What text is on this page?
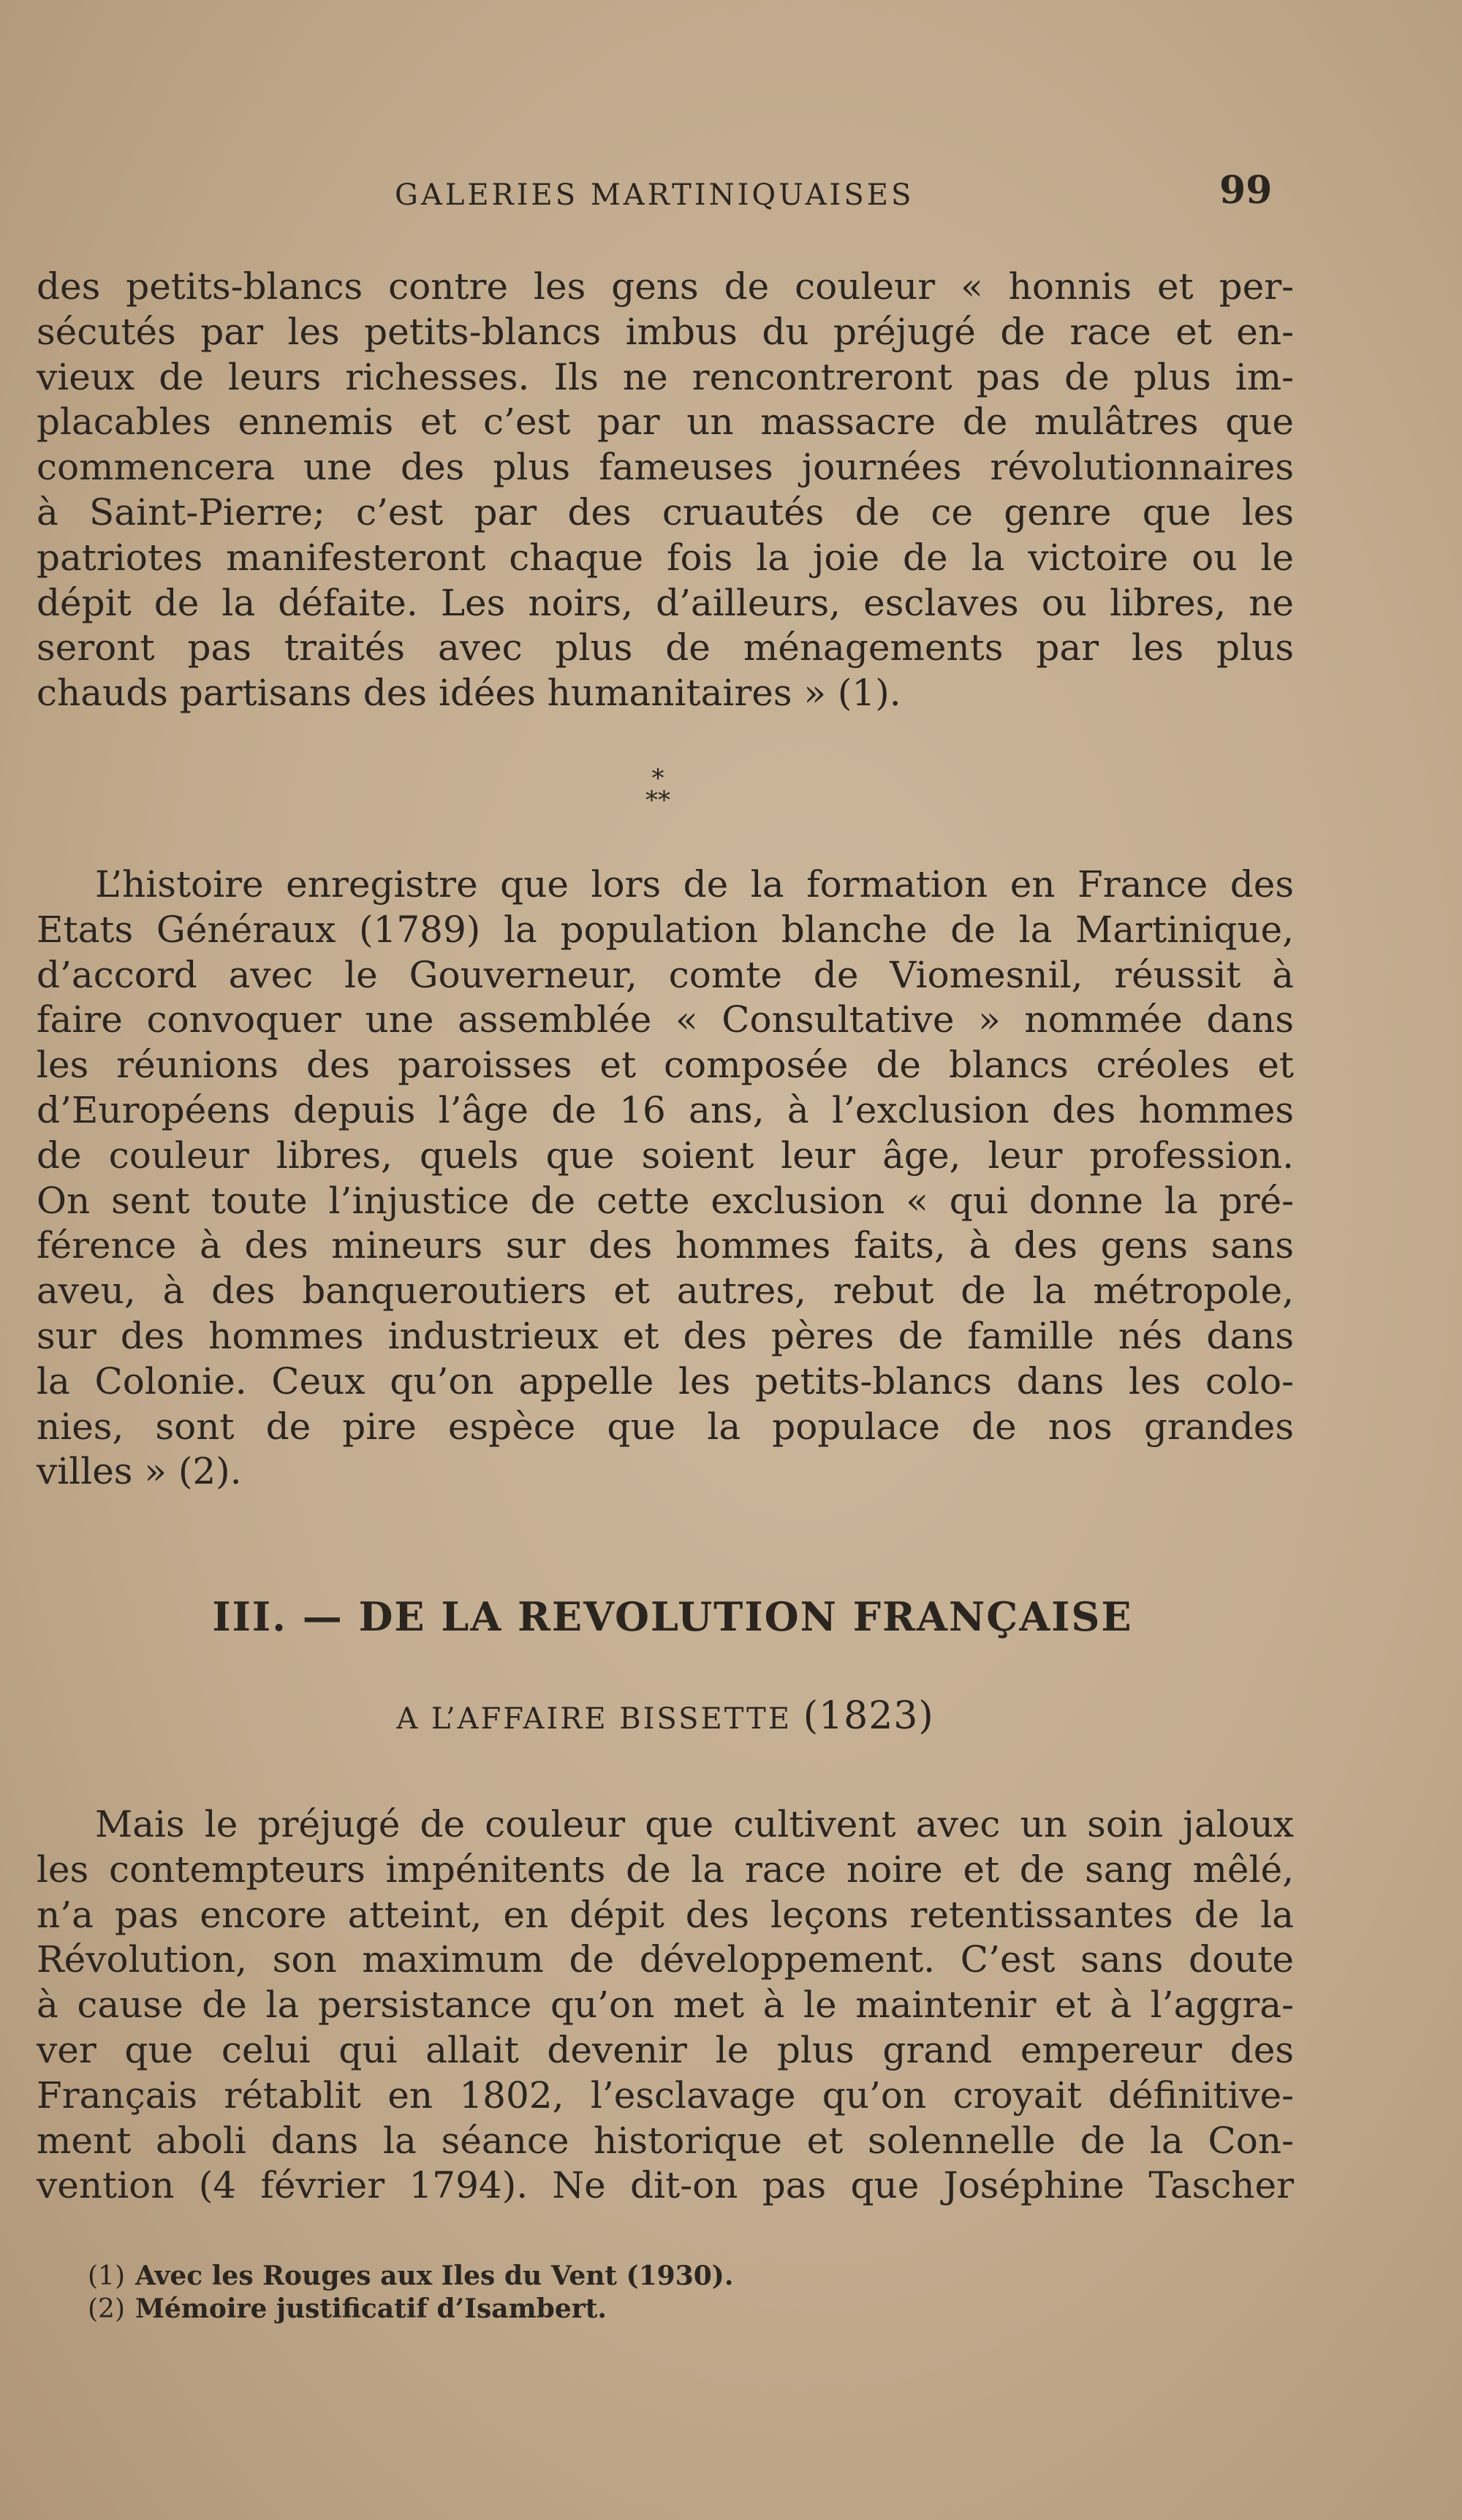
GALERIES MARTINIQUAISES	99
des petits-blancs contre les gens de couleur « honnis et per-
sécutés par les petits-blancs imbus du préjugé de race et en-
vieux de leurs richesses. Ils ne rencontreront pas de plus im-
placables ennemis et c’est par un massacre de mulâtres que
commencera une des plus fameuses journées révolutionnaires
à Saint-Pierre; c’est par des cruautés de ce genre que les
patriotes manifesteront chaque fois la joie de la victoire ou le
dépit de la défaite. Les noirs, d’ailleurs, esclaves ou libres, ne
seront pas traités avec plus de ménagements par les plus
chauds partisans des idées humanitaires » (1).
*
**
L’histoire enregistre que lors de la formation en France des
Etats Généraux (1789) la population blanche de la Martinique,
d’accord avec le Gouverneur, comte de Viomesnil, réussit à
faire convoquer une assemblée « Consultative » nommée dans
les réunions des paroisses et composée de blancs créoles et
d’Européens depuis l’âge de 16 ans, à l’exclusion des hommes
de couleur libres, quels que soient leur âge, leur profession.
On sent toute l’injustice de cette exclusion « qui donne la pré-
férence à des mineurs sur des hommes faits, à des gens sans
aveu, à des banqueroutiers et autres, rebut de la métropole,
sur des hommes industrieux et des pères de famille nés dans
la Colonie. Ceux qu’on appelle les petits-blancs dans les colo-
nies, sont de pire espèce que la populace de nos grandes
villes » (2).
III. — DE LA REVOLUTION FRANÇAISE
A L’AFFAIRE BISSETTE (1823)
Mais le préjugé de couleur que cultivent avec un soin jaloux
les contempteurs impénitents de la race noire et de sang mêlé,
n’a pas encore atteint, en dépit des leçons retentissantes de la
Révolution, son maximum de développement. C’est sans doute
à cause de la persistance qu’on met à le maintenir et à l’aggra-
ver que celui qui allait devenir le plus grand empereur des
Français rétablit en 1802, l’esclavage qu’on croyait définitive-
ment aboli dans la séance historique et solennelle de la Con-
vention (4 février 1794). Ne dit-on pas que Joséphine Tascher
(1) Avec les Rouges aux Iles du Vent (1930).
(2) Mémoire justificatif d’Isambert.
